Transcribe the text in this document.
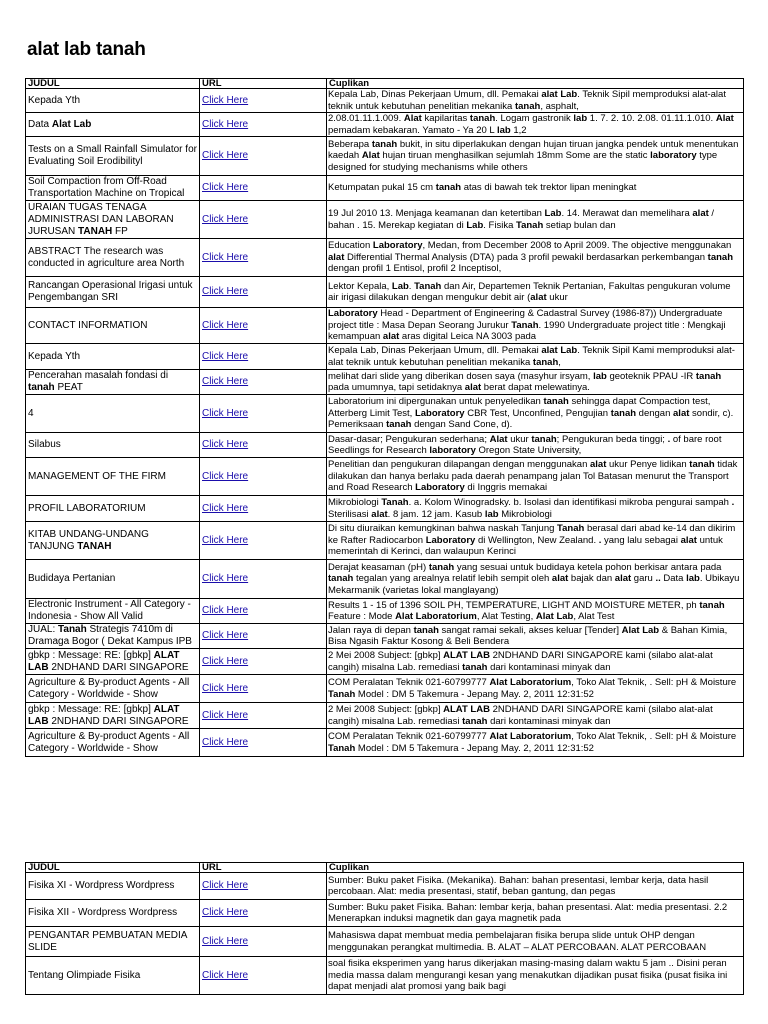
alat lab tanah
JUDUL	URL	Cuplikan
Kepada Yth	Click Here	Kepala Lab, Dinas Pekerjaan Umum, dll. Pemakai alat Lab. Teknik Sipil memproduksi alat-alat teknik untuk kebutuhan penelitian mekanika tanah, asphalt,
Data Alat Lab	Click Here	2.08.01.11.1.009. Alat kapilaritas tanah. Logam gastronik lab 1. 7. 2. 10. 2.08. 01.11.1.010. Alat pemadam kebakaran. Yamato - Ya 20 L lab 1,2
Tests on a Small Rainfall Simulator for Evaluating Soil Erodibilityl	Click Here	Beberapa tanah bukit, in situ diperlakukan dengan hujan tiruan jangka pendek untuk menentukan kaedah Alat hujan tiruan menghasilkan sejumlah 18mm Some are the static laboratory type designed for studying mechanisms while others
Soil Compaction from Off-Road Transportation Machine on Tropical	Click Here	Ketumpatan pukal 15 cm tanah atas di bawah tek trektor lipan meningkat
URAIAN TUGAS TENAGA ADMINISTRASI DAN LABORAN JURUSAN TANAH FP	Click Here	19 Jul 2010 13. Menjaga keamanan dan ketertiban Lab. 14. Merawat dan memelihara alat / bahan . 15. Merekap kegiatan di Lab. Fisika Tanah setiap bulan dan
ABSTRACT The research was conducted in agriculture area North	Click Here	Education Laboratory, Medan, from December 2008 to April 2009. The objective menggunakan alat Differential Thermal Analysis (DTA) pada 3 profil pewakil berdasarkan perkembangan tanah dengan profil 1 Entisol, profil 2 Inceptisol,
Rancangan Operasional Irigasi untuk Pengembangan SRI	Click Here	Lektor Kepala, Lab. Tanah dan Air, Departemen Teknik Pertanian, Fakultas pengukuran volume air irigasi dilakukan dengan mengukur debit air (alat ukur
CONTACT INFORMATION	Click Here	Laboratory Head - Department of Engineering & Cadastral Survey (1986-87)) Undergraduate project title : Masa Depan Seorang Jurukur Tanah. 1990 Undergraduate project title : Mengkaji kemampuan alat aras digital Leica NA 3003 pada
Kepada Yth	Click Here	Kepala Lab, Dinas Pekerjaan Umum, dll. Pemakai alat Lab. Teknik Sipil Kami memproduksi alat-alat teknik untuk kebutuhan penelitian mekanika tanah,
Pencerahan masalah fondasi di tanah PEAT	Click Here	melihat dari slide yang diberikan dosen saya (masyhur irsyam, lab geoteknik PPAU -IR tanah pada umumnya, tapi setidaknya alat berat dapat melewatinya.
4	Click Here	Laboratorium ini dipergunakan untuk penyeledikan tanah sehingga dapat Compaction test, Atterberg Limit Test, Laboratory CBR Test, Unconfined, Pengujian tanah dengan alat sondir, c). Pemeriksaan tanah dengan Sand Cone, d).
Silabus	Click Here	Dasar-dasar; Pengukuran sederhana; Alat ukur tanah; Pengukuran beda tinggi; . of bare root Seedlings for Research laboratory Oregon State University,
MANAGEMENT OF THE FIRM	Click Here	Penelitian dan pengukuran dilapangan dengan menggunakan alat ukur Penye lidikan tanah tidak dilakukan dan hanya berlaku pada daerah penampang jalan Tol Batasan menurut the Transport and Road Research Laboratory di Inggris memakai
PROFIL LABORATORIUM	Click Here	Mikrobiologi Tanah. a. Kolom Winogradsky. b. Isolasi dan identifikasi mikroba pengurai sampah . Sterilisasi alat. 8 jam. 12 jam. Kasub lab Mikrobiologi
KITAB UNDANG-UNDANG TANJUNG TANAH	Click Here	Di situ diuraikan kemungkinan bahwa naskah Tanjung Tanah berasal dari abad ke-14 dan dikirim ke Rafter Radiocarbon Laboratory di Wellington, New Zealand. . yang lalu sebagai alat untuk memerintah di Kerinci, dan walaupun Kerinci
Budidaya Pertanian	Click Here	Derajat keasaman (pH) tanah yang sesuai untuk budidaya ketela pohon berkisar antara pada tanah tegalan yang arealnya relatif lebih sempit oleh alat bajak dan alat garu .. Data lab. Ubikayu Mekarmanik (varietas lokal manglayang)
Electronic Instrument - All Category - Indonesia - Show All Valid	Click Here	Results 1 - 15 of 1396 SOIL PH, TEMPERATURE, LIGHT AND MOISTURE METER, ph tanah Feature : Mode Alat Laboratorium, Alat Testing, Alat Lab, Alat Test
JUAL: Tanah Strategis 7410m di Dramaga Bogor ( Dekat Kampus IPB	Click Here	Jalan raya di depan tanah sangat ramai sekali, akses keluar [Tender] Alat Lab & Bahan Kimia, Bisa Ngasih Faktur Kosong & Beli Bendera
gbkp : Message: RE: [gbkp] ALAT LAB 2NDHAND DARI SINGAPORE	Click Here	2 Mei 2008 Subject: [gbkp] ALAT LAB 2NDHAND DARI SINGAPORE kami (silabo alat-alat cangih) misalna Lab. remediasi tanah dari kontaminasi minyak dan
Agriculture & By-product Agents - All Category - Worldwide - Show	Click Here	COM Peralatan Teknik 021-60799777 Alat Laboratorium, Toko Alat Teknik, . Sell: pH & Moisture Tanah Model : DM 5 Takemura - Jepang May. 2, 2011 12:31:52
gbkp : Message: RE: [gbkp] ALAT LAB 2NDHAND DARI SINGAPORE	Click Here	2 Mei 2008 Subject: [gbkp] ALAT LAB 2NDHAND DARI SINGAPORE kami (silabo alat-alat cangih) misalna Lab. remediasi tanah dari kontaminasi minyak dan
Agriculture & By-product Agents - All Category - Worldwide - Show	Click Here	COM Peralatan Teknik 021-60799777 Alat Laboratorium, Toko Alat Teknik, . Sell: pH & Moisture Tanah Model : DM 5 Takemura - Jepang May. 2, 2011 12:31:52
JUDUL	URL	Cuplikan
Fisika XI - Wordpress Wordpress	Click Here	Sumber: Buku paket Fisika. (Mekanika). Bahan: bahan presentasi, lembar kerja, data hasil percobaan. Alat: media presentasi, statif, beban gantung, dan pegas
Fisika XII - Wordpress Wordpress	Click Here	Sumber: Buku paket Fisika. Bahan: lembar kerja, bahan presentasi. Alat: media presentasi. 2.2 Menerapkan induksi magnetik dan gaya magnetik pada
PENGANTAR PEMBUATAN MEDIA SLIDE	Click Here	Mahasiswa dapat membuat media pembelajaran fisika berupa slide untuk OHP dengan menggunakan perangkat multimedia. B. ALAT – ALAT PERCOBAAN. ALAT PERCOBAAN
Tentang Olimpiade Fisika	Click Here	soal fisika eksperimen yang harus dikerjakan masing-masing dalam waktu 5 jam .. Disini peran media massa dalam mengurangi kesan yang menakutkan dijadikan pusat fisika (pusat fisika ini dapat menjadi alat promosi yang baik bagi
